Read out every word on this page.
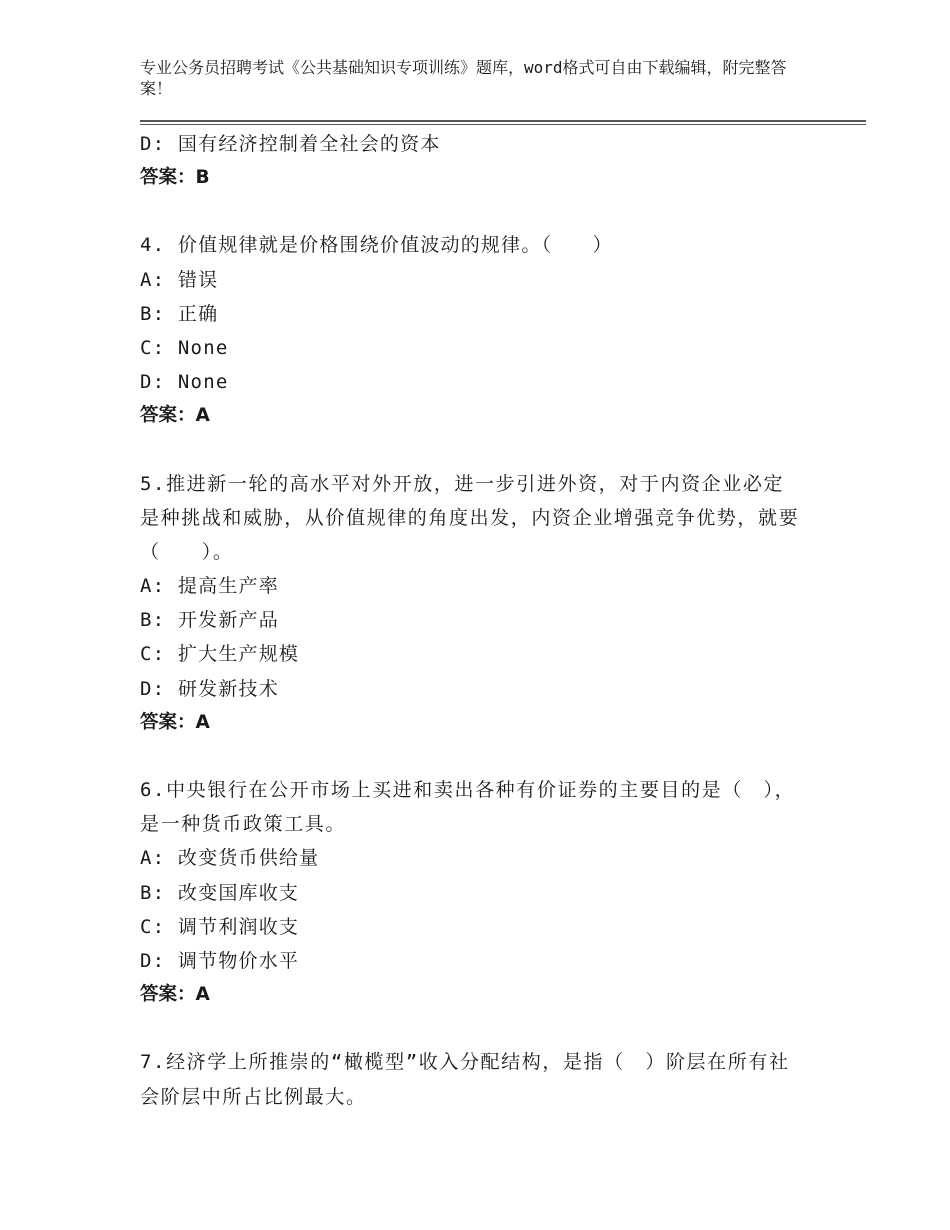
专业公务员招聘考试《公共基础知识专项训练》题库，word格式可自由下载编辑，附完整答案！
D: 国有经济控制着全社会的资本
答案：B
4. 价值规律就是价格围绕价值波动的规律。（　　）
A: 错误
B: 正确
C: None
D: None
答案：A
5.推进新一轮的高水平对外开放，进一步引进外资，对于内资企业必定是种挑战和威胁，从价值规律的角度出发，内资企业增强竞争优势，就要（　　）。
A: 提高生产率
B: 开发新产品
C: 扩大生产规模
D: 研发新技术
答案：A
6.中央银行在公开市场上买进和卖出各种有价证券的主要目的是（　），是一种货币政策工具。
A: 改变货币供给量
B: 改变国库收支
C: 调节利润收支
D: 调节物价水平
答案：A
7.经济学上所推崇的“橄榄型”收入分配结构，是指（　）阶层在所有社会阶层中所占比例最大。
